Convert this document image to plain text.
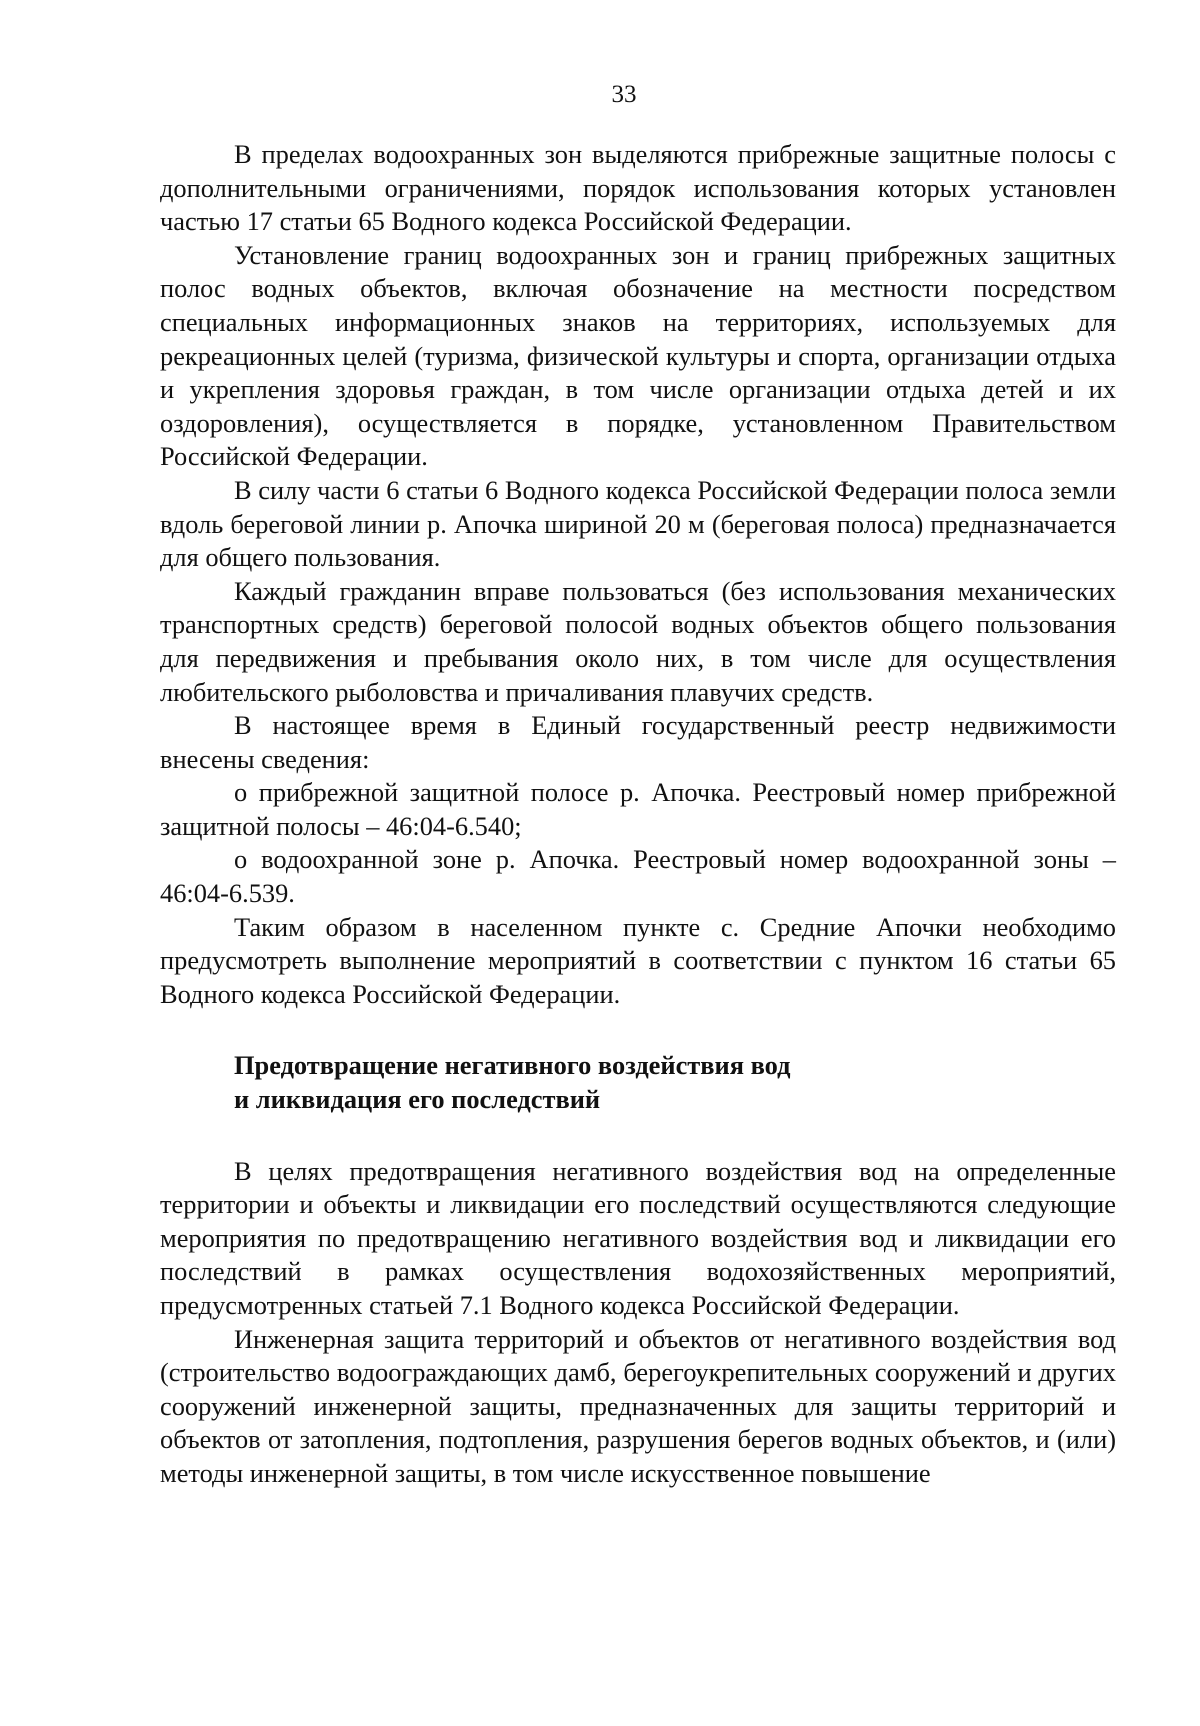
33

В пределах водоохранных зон выделяются прибрежные защитные полосы с дополнительными ограничениями, порядок использования которых установлен частью 17 статьи 65 Водного кодекса Российской Федерации.

Установление границ водоохранных зон и границ прибрежных защитных полос водных объектов, включая обозначение на местности посредством специальных информационных знаков на территориях, используемых для рекреационных целей (туризма, физической культуры и спорта, организации отдыха и укрепления здоровья граждан, в том числе организации отдыха детей и их оздоровления), осуществляется в порядке, установленном Правительством Российской Федерации.

В силу части 6 статьи 6 Водного кодекса Российской Федерации полоса земли вдоль береговой линии р. Апочка шириной 20 м (береговая полоса) предназначается для общего пользования.

Каждый гражданин вправе пользоваться (без использования механических транспортных средств) береговой полосой водных объектов общего пользования для передвижения и пребывания около них, в том числе для осуществления любительского рыболовства и причаливания плавучих средств.

В настоящее время в Единый государственный реестр недвижимости внесены сведения:

о прибрежной защитной полосе р. Апочка. Реестровый номер прибрежной защитной полосы – 46:04-6.540;

о водоохранной зоне р. Апочка. Реестровый номер водоохранной зоны – 46:04-6.539.

Таким образом в населенном пункте с. Средние Апочки необходимо предусмотреть выполнение мероприятий в соответствии с пунктом 16 статьи 65 Водного кодекса Российской Федерации.

Предотвращение негативного воздействия вод
и ликвидация его последствий

В целях предотвращения негативного воздействия вод на определенные территории и объекты и ликвидации его последствий осуществляются следующие мероприятия по предотвращению негативного воздействия вод и ликвидации его последствий в рамках осуществления водохозяйственных мероприятий, предусмотренных статьей 7.1 Водного кодекса Российской Федерации.

Инженерная защита территорий и объектов от негативного воздействия вод (строительство водоограждающих дамб, берегоукрепительных сооружений и других сооружений инженерной защиты, предназначенных для защиты территорий и объектов от затопления, подтопления, разрушения берегов водных объектов, и (или) методы инженерной защиты, в том числе искусственное повышение
